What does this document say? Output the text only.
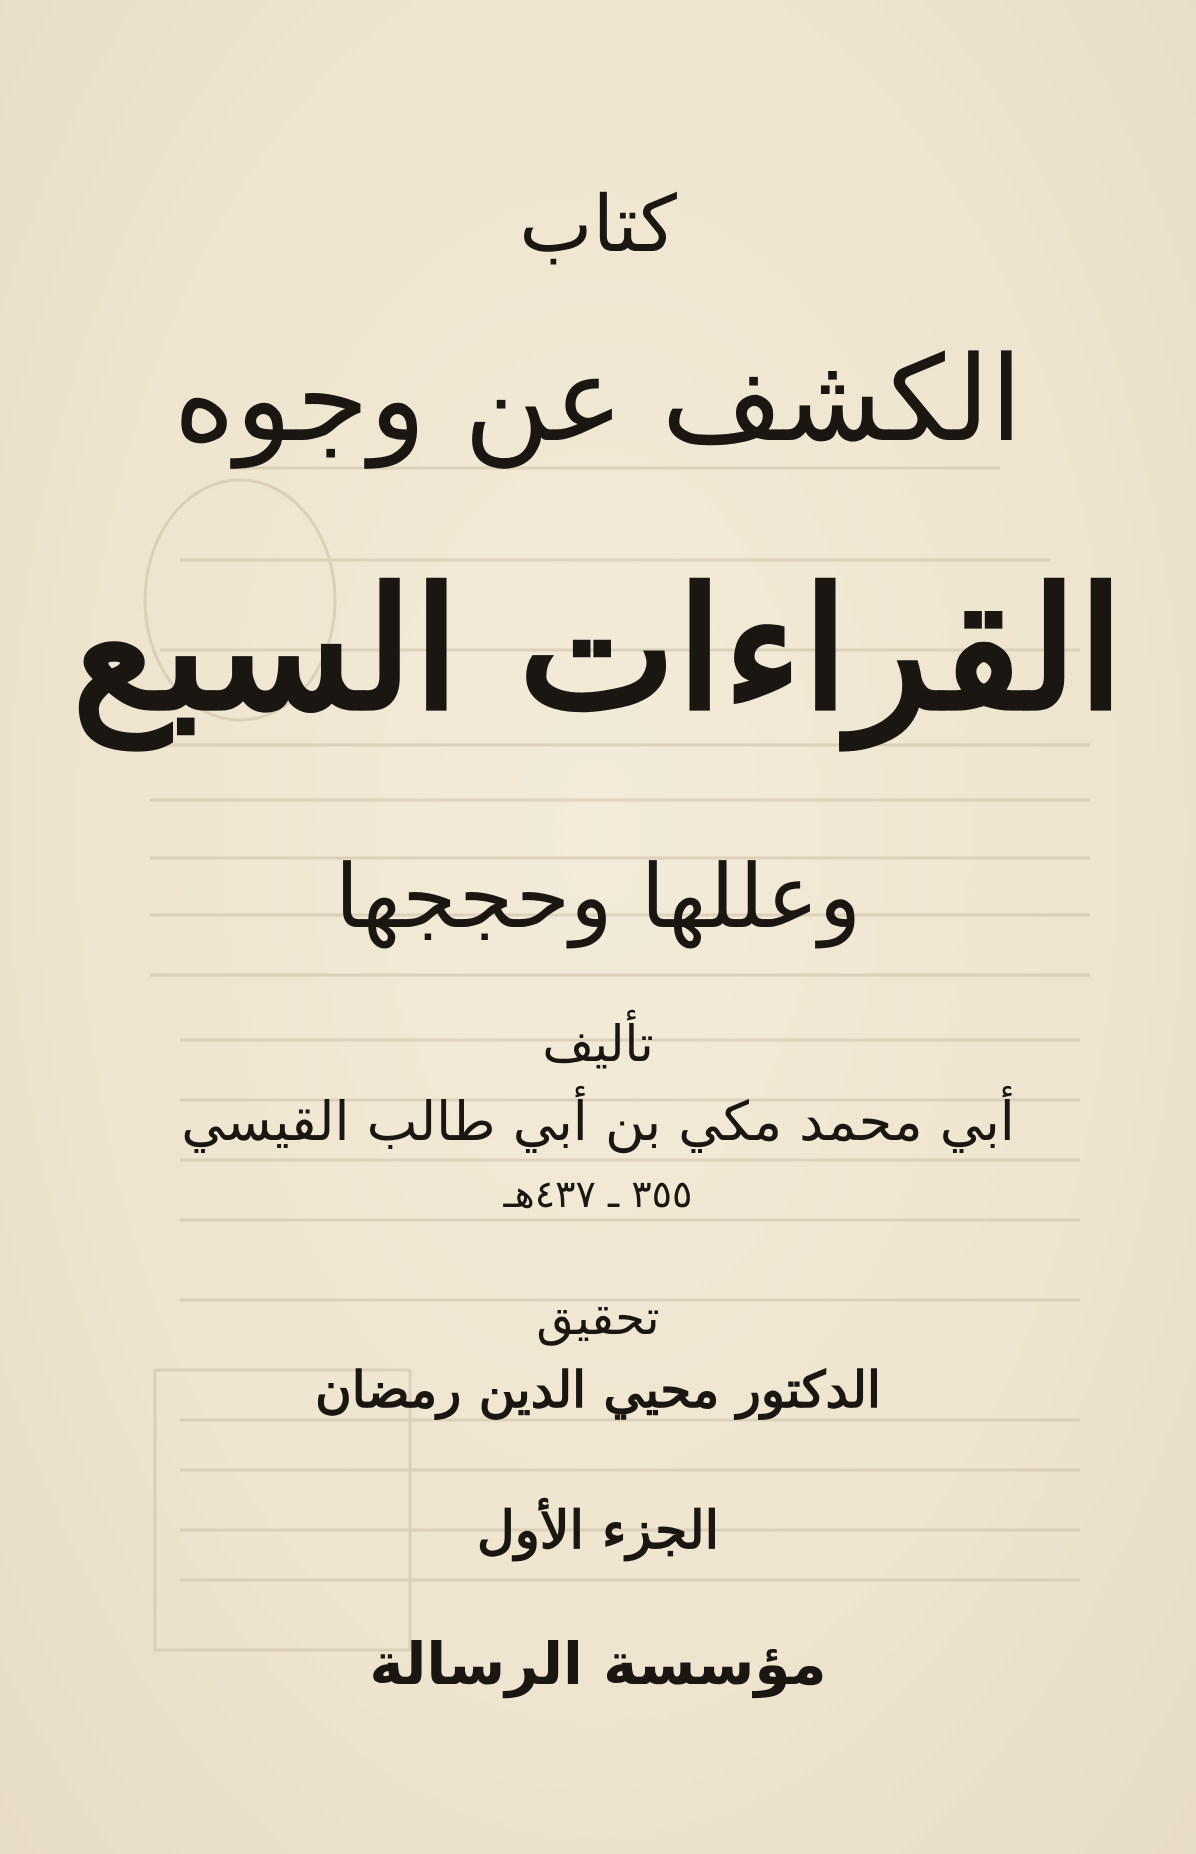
كتاب
الكشف عن وجوه
القراءات السبع
وعللها وحججها
تأليف
أبي محمد مكي بن أبي طالب القيسي
٣٥٥ ـ ٤٣٧هـ
تحقيق
الدكتور محيي الدين رمضان
الجزء الأول
مؤسسة الرسالة
